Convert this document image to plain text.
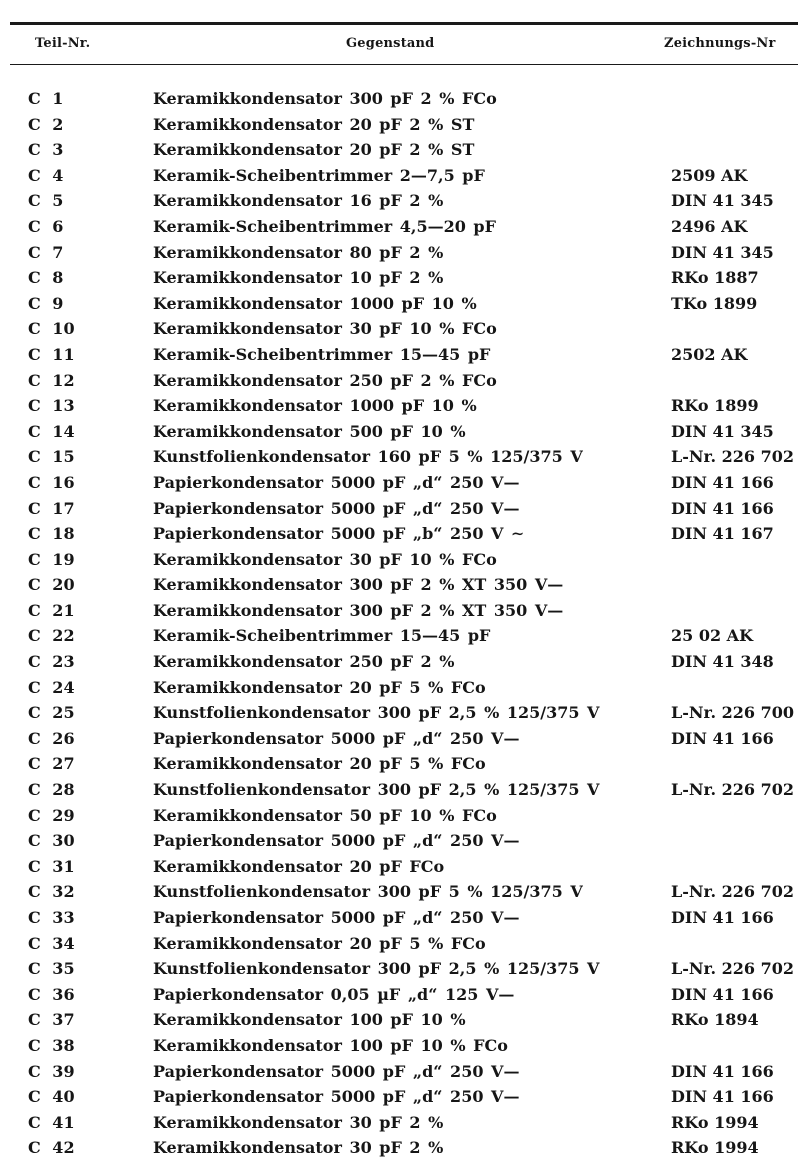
Teil-Nr.	Gegenstand	Zeichnungs-Nr
C 1	Keramikkondensator 300 pF 2 % FCo
C 2	Keramikkondensator 20 pF 2 % ST
C 3	Keramikkondensator 20 pF 2 % ST
C 4	Keramik-Scheibentrimmer 2—7,5 pF	2509 AK
C 5	Keramikkondensator 16 pF 2 %	DIN 41 345
C 6	Keramik-Scheibentrimmer 4,5—20 pF	2496 AK
C 7	Keramikkondensator 80 pF 2 %	DIN 41 345
C 8	Keramikkondensator 10 pF 2 %	RKo 1887
C 9	Keramikkondensator 1000 pF 10 %	TKo 1899
C 10	Keramikkondensator 30 pF 10 % FCo
C 11	Keramik-Scheibentrimmer 15—45 pF	2502 AK
C 12	Keramikkondensator 250 pF 2 % FCo
C 13	Keramikkondensator 1000 pF 10 %	RKo 1899
C 14	Keramikkondensator 500 pF 10 %	DIN 41 345
C 15	Kunstfolienkondensator 160 pF 5 % 125/375 V	L-Nr. 226 702
C 16	Papierkondensator 5000 pF „d“ 250 V—	DIN 41 166
C 17	Papierkondensator 5000 pF „d“ 250 V—	DIN 41 166
C 18	Papierkondensator 5000 pF „b“ 250 V ∼	DIN 41 167
C 19	Keramikkondensator 30 pF 10 % FCo
C 20	Keramikkondensator 300 pF 2 % XT 350 V—
C 21	Keramikkondensator 300 pF 2 % XT 350 V—
C 22	Keramik-Scheibentrimmer 15—45 pF	25 02 AK
C 23	Keramikkondensator 250 pF 2 %	DIN 41 348
C 24	Keramikkondensator 20 pF 5 % FCo
C 25	Kunstfolienkondensator 300 pF 2,5 % 125/375 V	L-Nr. 226 700
C 26	Papierkondensator 5000 pF „d“ 250 V—	DIN 41 166
C 27	Keramikkondensator 20 pF 5 % FCo
C 28	Kunstfolienkondensator 300 pF 2,5 % 125/375 V	L-Nr. 226 702
C 29	Keramikkondensator 50 pF 10 % FCo
C 30	Papierkondensator 5000 pF „d“ 250 V—
C 31	Keramikkondensator 20 pF FCo
C 32	Kunstfolienkondensator 300 pF 5 % 125/375 V	L-Nr. 226 702
C 33	Papierkondensator 5000 pF „d“ 250 V—	DIN 41 166
C 34	Keramikkondensator 20 pF 5 % FCo
C 35	Kunstfolienkondensator 300 pF 2,5 % 125/375 V	L-Nr. 226 702
C 36	Papierkondensator 0,05 µF „d“ 125 V—	DIN 41 166
C 37	Keramikkondensator 100 pF 10 %	RKo 1894
C 38	Keramikkondensator 100 pF 10 % FCo
C 39	Papierkondensator 5000 pF „d“ 250 V—	DIN 41 166
C 40	Papierkondensator 5000 pF „d“ 250 V—	DIN 41 166
C 41	Keramikkondensator 30 pF 2 %	RKo 1994
C 42	Keramikkondensator 30 pF 2 %	RKo 1994
